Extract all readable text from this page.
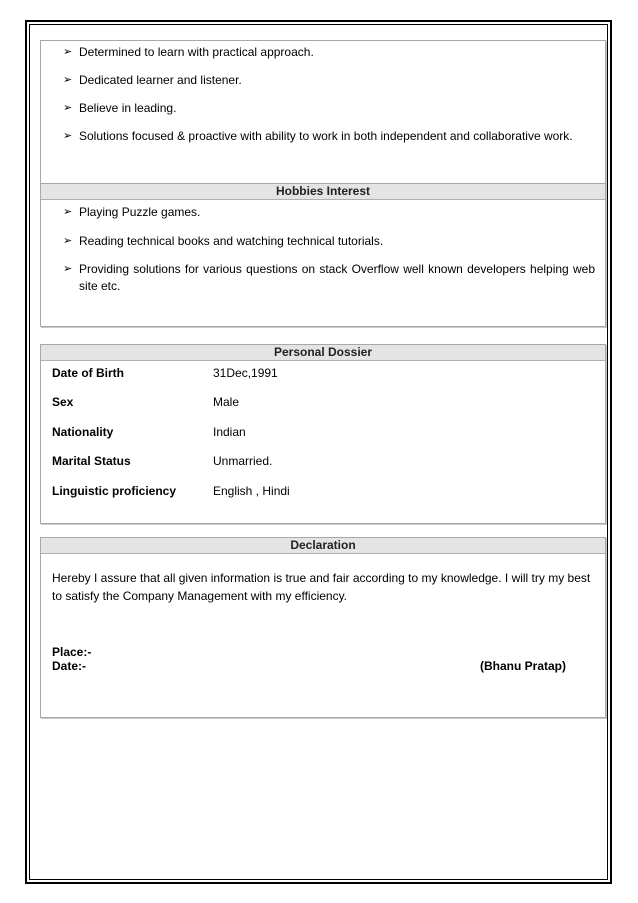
➢ Determined to learn with practical approach.
➢ Dedicated learner and listener.
➢ Believe in leading.
➢ Solutions focused & proactive with ability to work in both independent and collaborative work.
Hobbies Interest
➢ Playing Puzzle games.
➢ Reading technical books and watching technical tutorials.
➢ Providing solutions for various questions on stack Overflow well known developers helping web site etc.
Personal Dossier
Date of Birth	31Dec,1991
Sex	Male
Nationality	Indian
Marital Status	Unmarried.
Linguistic proficiency	English , Hindi
Declaration
Hereby I assure that all given information is true and fair according to my knowledge. I will try my best to satisfy the Company Management with my efficiency.
Place:-
Date:-	(Bhanu Pratap)
